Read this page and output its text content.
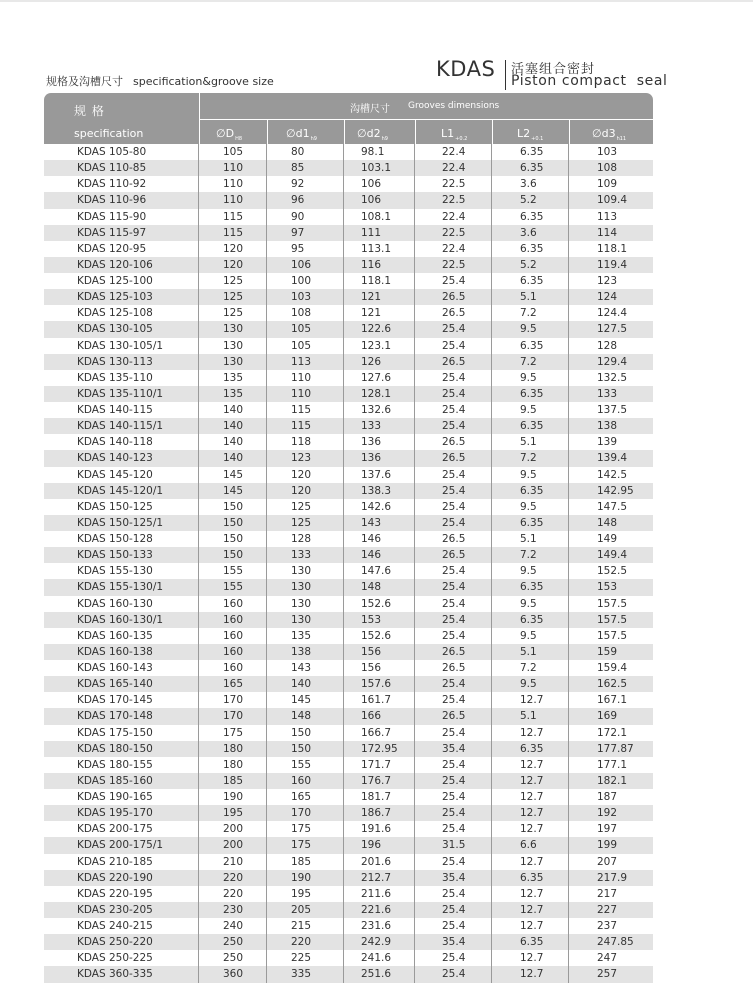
规格及沟槽尺寸 specification&groove size
KDAS 活塞组合密封
Piston compact  seal
规 格
specification
沟槽尺寸 Grooves dimensions
$\emptyset D_{H8}$	$\emptyset d1_{h9}$	$\emptyset d2_{h9}$	$L1_{+0.2}$	$L2_{+0.1}$	$\emptyset d3_{h11}$
KDAS 105-80	105	80	98.1	22.4	6.35	103
KDAS 110-85	110	85	103.1	22.4	6.35	108
KDAS 110-92	110	92	106	22.5	3.6	109
KDAS 110-96	110	96	106	22.5	5.2	109.4
KDAS 115-90	115	90	108.1	22.4	6.35	113
KDAS 115-97	115	97	111	22.5	3.6	114
KDAS 120-95	120	95	113.1	22.4	6.35	118.1
KDAS 120-106	120	106	116	22.5	5.2	119.4
KDAS 125-100	125	100	118.1	25.4	6.35	123
KDAS 125-103	125	103	121	26.5	5.1	124
KDAS 125-108	125	108	121	26.5	7.2	124.4
KDAS 130-105	130	105	122.6	25.4	9.5	127.5
KDAS 130-105/1	130	105	123.1	25.4	6.35	128
KDAS 130-113	130	113	126	26.5	7.2	129.4
KDAS 135-110	135	110	127.6	25.4	9.5	132.5
KDAS 135-110/1	135	110	128.1	25.4	6.35	133
KDAS 140-115	140	115	132.6	25.4	9.5	137.5
KDAS 140-115/1	140	115	133	25.4	6.35	138
KDAS 140-118	140	118	136	26.5	5.1	139
KDAS 140-123	140	123	136	26.5	7.2	139.4
KDAS 145-120	145	120	137.6	25.4	9.5	142.5
KDAS 145-120/1	145	120	138.3	25.4	6.35	142.95
KDAS 150-125	150	125	142.6	25.4	9.5	147.5
KDAS 150-125/1	150	125	143	25.4	6.35	148
KDAS 150-128	150	128	146	26.5	5.1	149
KDAS 150-133	150	133	146	26.5	7.2	149.4
KDAS 155-130	155	130	147.6	25.4	9.5	152.5
KDAS 155-130/1	155	130	148	25.4	6.35	153
KDAS 160-130	160	130	152.6	25.4	9.5	157.5
KDAS 160-130/1	160	130	153	25.4	6.35	157.5
KDAS 160-135	160	135	152.6	25.4	9.5	157.5
KDAS 160-138	160	138	156	26.5	5.1	159
KDAS 160-143	160	143	156	26.5	7.2	159.4
KDAS 165-140	165	140	157.6	25.4	9.5	162.5
KDAS 170-145	170	145	161.7	25.4	12.7	167.1
KDAS 170-148	170	148	166	26.5	5.1	169
KDAS 175-150	175	150	166.7	25.4	12.7	172.1
KDAS 180-150	180	150	172.95	35.4	6.35	177.87
KDAS 180-155	180	155	171.7	25.4	12.7	177.1
KDAS 185-160	185	160	176.7	25.4	12.7	182.1
KDAS 190-165	190	165	181.7	25.4	12.7	187
KDAS 195-170	195	170	186.7	25.4	12.7	192
KDAS 200-175	200	175	191.6	25.4	12.7	197
KDAS 200-175/1	200	175	196	31.5	6.6	199
KDAS 210-185	210	185	201.6	25.4	12.7	207
KDAS 220-190	220	190	212.7	35.4	6.35	217.9
KDAS 220-195	220	195	211.6	25.4	12.7	217
KDAS 230-205	230	205	221.6	25.4	12.7	227
KDAS 240-215	240	215	231.6	25.4	12.7	237
KDAS 250-220	250	220	242.9	35.4	6.35	247.85
KDAS 250-225	250	225	241.6	25.4	12.7	247
KDAS 360-335	360	335	251.6	25.4	12.7	257
